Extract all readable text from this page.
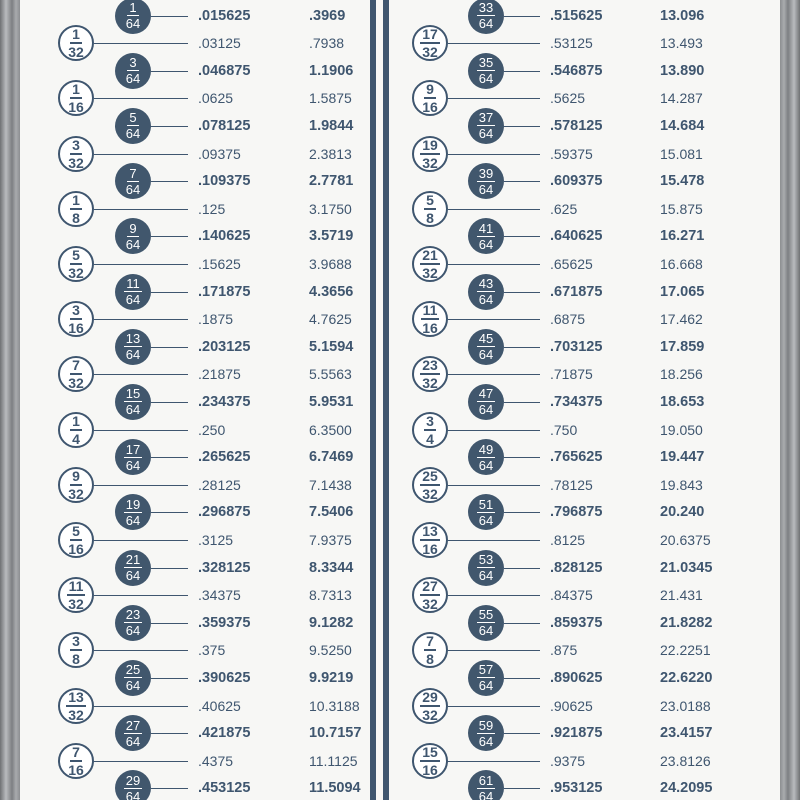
$\frac{1}{64}$	.015625	.3969
$\frac{1}{32}$	.03125	.7938
$\frac{3}{64}$	.046875	1.1906
$\frac{1}{16}$	.0625	1.5875
$\frac{5}{64}$	.078125	1.9844
$\frac{3}{32}$	.09375	2.3813
$\frac{7}{64}$	.109375	2.7781
$\frac{1}{8}$	.125	3.1750
$\frac{9}{64}$	.140625	3.5719
$\frac{5}{32}$	.15625	3.9688
$\frac{11}{64}$	.171875	4.3656
$\frac{3}{16}$	.1875	4.7625
$\frac{13}{64}$	.203125	5.1594
$\frac{7}{32}$	.21875	5.5563
$\frac{15}{64}$	.234375	5.9531
$\frac{1}{4}$	.250	6.3500
$\frac{17}{64}$	.265625	6.7469
$\frac{9}{32}$	.28125	7.1438
$\frac{19}{64}$	.296875	7.5406
$\frac{5}{16}$	.3125	7.9375
$\frac{21}{64}$	.328125	8.3344
$\frac{11}{32}$	.34375	8.7313
$\frac{23}{64}$	.359375	9.1282
$\frac{3}{8}$	.375	9.5250
$\frac{25}{64}$	.390625	9.9219
$\frac{13}{32}$	.40625	10.3188
$\frac{27}{64}$	.421875	10.7157
$\frac{7}{16}$	.4375	11.1125
$\frac{29}{64}$	.453125	11.5094
$\frac{33}{64}$	.515625	13.096
$\frac{17}{32}$	.53125	13.493
$\frac{35}{64}$	.546875	13.890
$\frac{9}{16}$	.5625	14.287
$\frac{37}{64}$	.578125	14.684
$\frac{19}{32}$	.59375	15.081
$\frac{39}{64}$	.609375	15.478
$\frac{5}{8}$	.625	15.875
$\frac{41}{64}$	.640625	16.271
$\frac{21}{32}$	.65625	16.668
$\frac{43}{64}$	.671875	17.065
$\frac{11}{16}$	.6875	17.462
$\frac{45}{64}$	.703125	17.859
$\frac{23}{32}$	.71875	18.256
$\frac{47}{64}$	.734375	18.653
$\frac{3}{4}$	.750	19.050
$\frac{49}{64}$	.765625	19.447
$\frac{25}{32}$	.78125	19.843
$\frac{51}{64}$	.796875	20.240
$\frac{13}{16}$	.8125	20.6375
$\frac{53}{64}$	.828125	21.0345
$\frac{27}{32}$	.84375	21.431
$\frac{55}{64}$	.859375	21.8282
$\frac{7}{8}$	.875	22.2251
$\frac{57}{64}$	.890625	22.6220
$\frac{29}{32}$	.90625	23.0188
$\frac{59}{64}$	.921875	23.4157
$\frac{15}{16}$	.9375	23.8126
$\frac{61}{64}$	.953125	24.2095
